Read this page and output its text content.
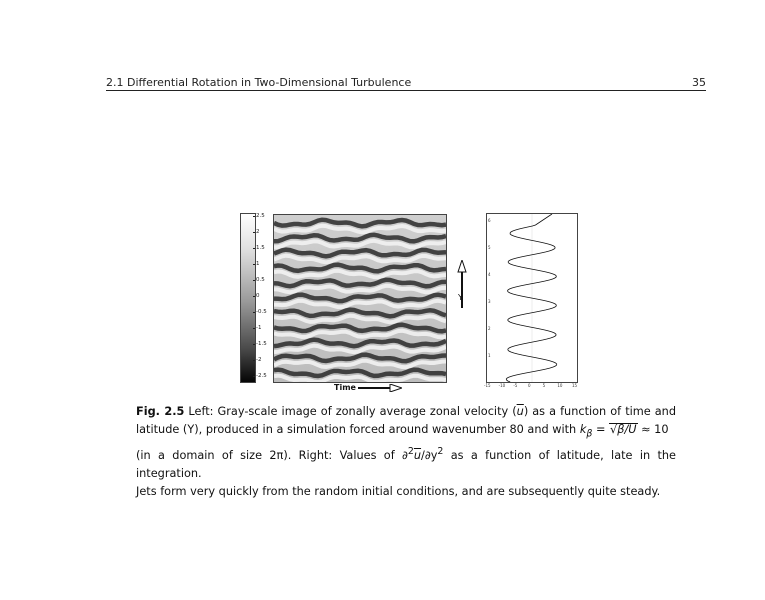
2.1 Differential Rotation in Two-Dimensional Turbulence	35
2.5
2
1.5
1
0.5
0
-0.5
-1
-1.5
-2
-2.5
Time
Y
-15 -10 -5	0	5	10 15
6
5
4
3
2
1

Fig. 2.5 Left: Gray-scale image of zonally average zonal velocity $(\overline{u})$ as a function of time and latitude (Y), produced in a simulation forced around wavenumber 80 and with $k_\beta = √\beta/U \approx 10$

(in a domain of size 2π). Right: Values of $\partial^2\overline{u}/\partial y^2$ as a function of latitude, late in the integration.

Jets form very quickly from the random initial conditions, and are subsequently quite steady.
